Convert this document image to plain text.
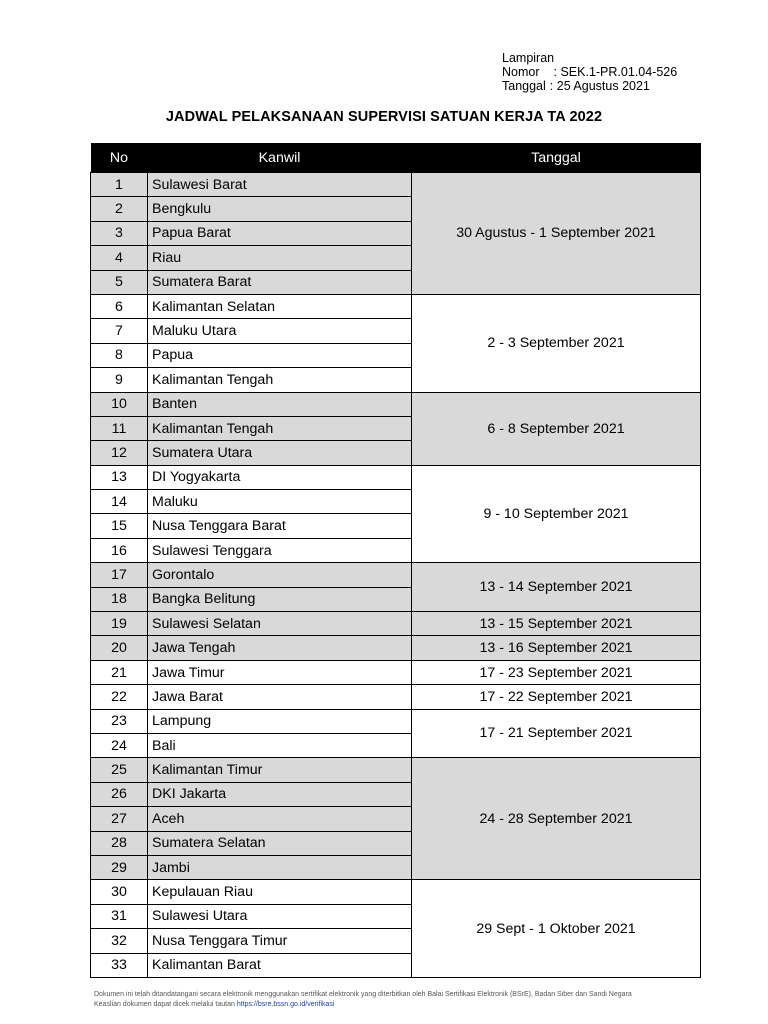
Lampiran
Nomor : SEK.1-PR.01.04-526
Tanggal : 25 Agustus 2021
JADWAL PELAKSANAAN SUPERVISI SATUAN KERJA TA 2022
No	Kanwil	Tanggal
1	Sulawesi Barat	30 Agustus - 1 September 2021
2	Bengkulu	
3	Papua Barat	
4	Riau	
5	Sumatera Barat	
6	Kalimantan Selatan	2 - 3 September 2021
7	Maluku Utara	
8	Papua	
9	Kalimantan Tengah	
10	Banten	6 - 8 September 2021
11	Kalimantan Tengah	
12	Sumatera Utara	
13	DI Yogyakarta	9 - 10 September 2021
14	Maluku	
15	Nusa Tenggara Barat	
16	Sulawesi Tenggara	
17	Gorontalo	13 - 14 September 2021
18	Bangka Belitung	
19	Sulawesi Selatan	13 - 15 September 2021
20	Jawa Tengah	13 - 16 September 2021
21	Jawa Timur	17 - 23 September 2021
22	Jawa Barat	17 - 22 September 2021
23	Lampung	17 - 21 September 2021
24	Bali	
25	Kalimantan Timur	24 - 28 September 2021
26	DKI Jakarta	
27	Aceh	
28	Sumatera Selatan	
29	Jambi	
30	Kepulauan Riau	29 Sept - 1 Oktober 2021
31	Sulawesi Utara	
32	Nusa Tenggara Timur	
33	Kalimantan Barat	
Dokumen ini telah ditandatangani secara elektronik menggunakan sertifikat elektronik yang diterbitkan oleh Balai Sertifikasi Elektronik (BSrE), Badan Siber dan Sandi Negara
Keaslian dokumen dapat dicek melalui tautan https://bsre.bssn.go.id/verifikasi
